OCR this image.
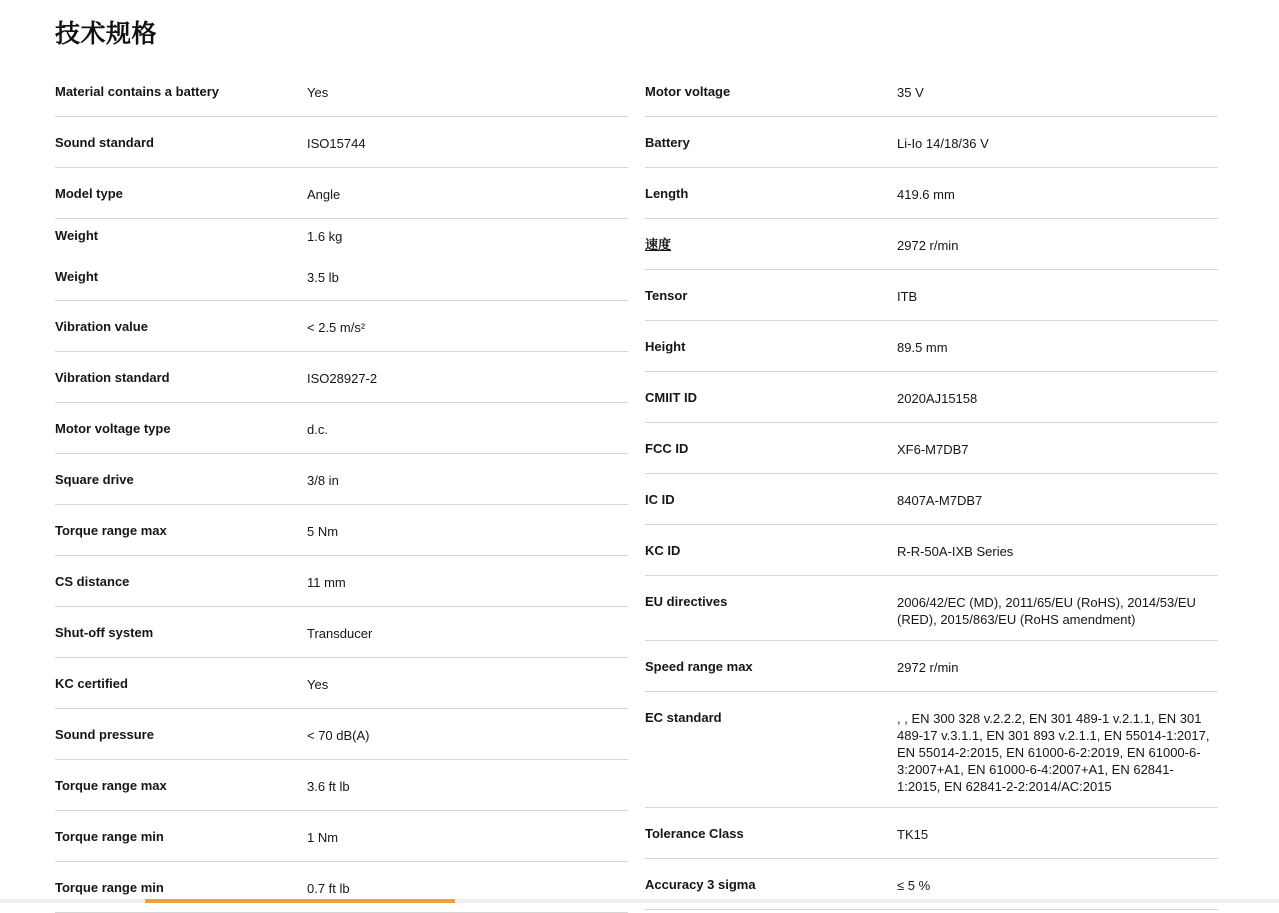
技术规格
Material contains a battery	Yes
Sound standard	ISO15744
Model type	Angle
Weight	1.6 kg
Weight	3.5 lb
Vibration value	< 2.5 m/s²
Vibration standard	ISO28927-2
Motor voltage type	d.c.
Square drive	3/8 in
Torque range max	5 Nm
CS distance	11 mm
Shut-off system	Transducer
KC certified	Yes
Sound pressure	< 70 dB(A)
Torque range max	3.6 ft lb
Torque range min	1 Nm
Torque range min	0.7 ft lb
Motor voltage	35 V
Battery	Li-Io 14/18/36 V
Length	419.6 mm
速度	2972 r/min
Tensor	ITB
Height	89.5 mm
CMIIT ID	2020AJ15158
FCC ID	XF6-M7DB7
IC ID	8407A-M7DB7
KC ID	R-R-50A-IXB Series
EU directives	2006/42/EC (MD), 2011/65/EU (RoHS), 2014/53/EU (RED), 2015/863/EU (RoHS amendment)
Speed range max	2972 r/min
EC standard	, , EN 300 328 v.2.2.2, EN 301 489-1 v.2.1.1, EN 301 489-17 v.3.1.1, EN 301 893 v.2.1.1, EN 55014-1:2017, EN 55014-2:2015, EN 61000-6-2:2019, EN 61000-6-3:2007+A1, EN 61000-6-4:2007+A1, EN 62841-1:2015, EN 62841-2-2:2014/AC:2015
Tolerance Class	TK15
Accuracy 3 sigma	≤ 5 %
